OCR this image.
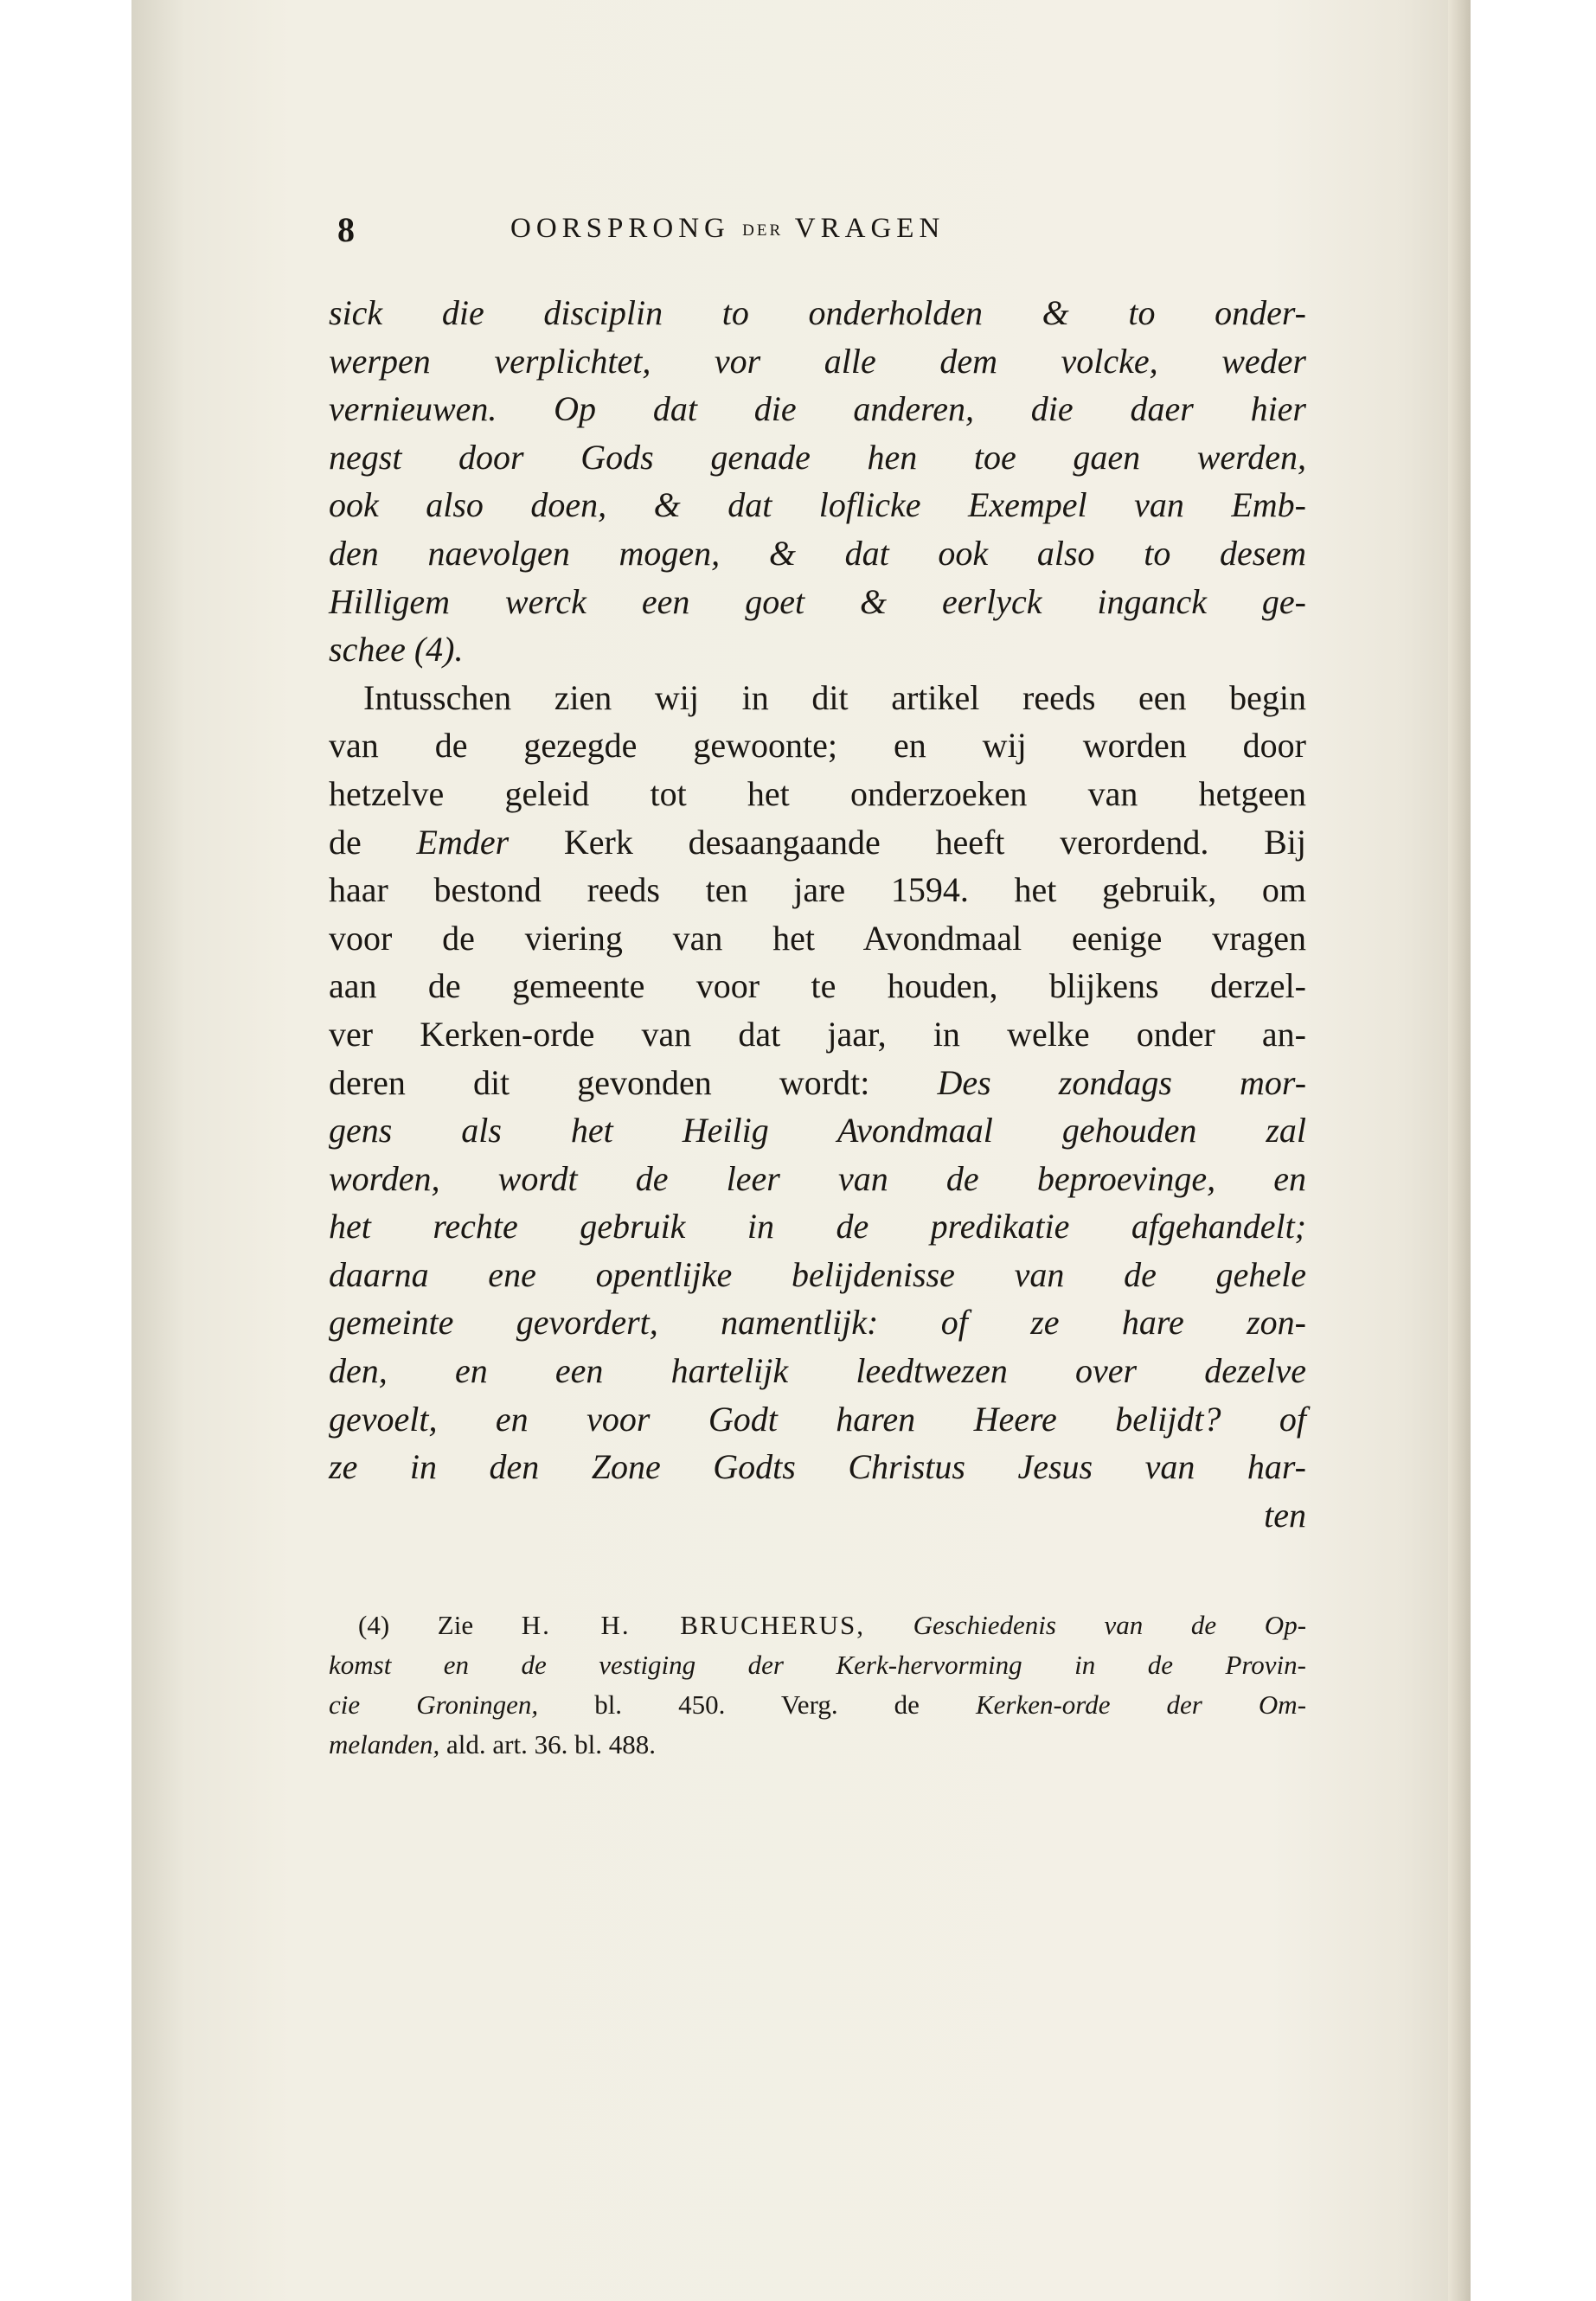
8	OORSPRONG DER VRAGEN
sick die disciplin to onderholden & to onder-
werpen verplichtet, vor alle dem volcke, weder
vernieuwen. Op dat die anderen, die daer hier
negst door Gods genade hen toe gaen werden,
ook also doen, & dat loflicke Exempel van Emb-
den naevolgen mogen, & dat ook also to desem
Hilligem werck een goet & eerlyck inganck ge-
schee (4).
Intusschen zien wij in dit artikel reeds een begin
van de gezegde gewoonte; en wij worden door
hetzelve geleid tot het onderzoeken van hetgeen
de Emder Kerk desaangaande heeft verordend. Bij
haar bestond reeds ten jare 1594. het gebruik, om
voor de viering van het Avondmaal eenige vragen
aan de gemeente voor te houden, blijkens derzel-
ver Kerken-orde van dat jaar, in welke onder an-
deren dit gevonden wordt: Des zondags mor-
gens als het Heilig Avondmaal gehouden zal
worden, wordt de leer van de beproevinge, en
het rechte gebruik in de predikatie afgehandelt;
daarna ene opentlijke belijdenisse van de gehele
gemeinte gevordert, namentlijk: of ze hare zon-
den, en een hartelijk leedtwezen over dezelve
gevoelt, en voor Godt haren Heere belijdt? of
ze in den Zone Godts Christus Jesus van har-
ten
(4) Zie H. H. BRUCHERUS, Geschiedenis van de Op-
komst en de vestiging der Kerk-hervorming in de Provin-
cie Groningen, bl. 450. Verg. de Kerken-orde der Om-
melanden, ald. art. 36. bl. 488.
